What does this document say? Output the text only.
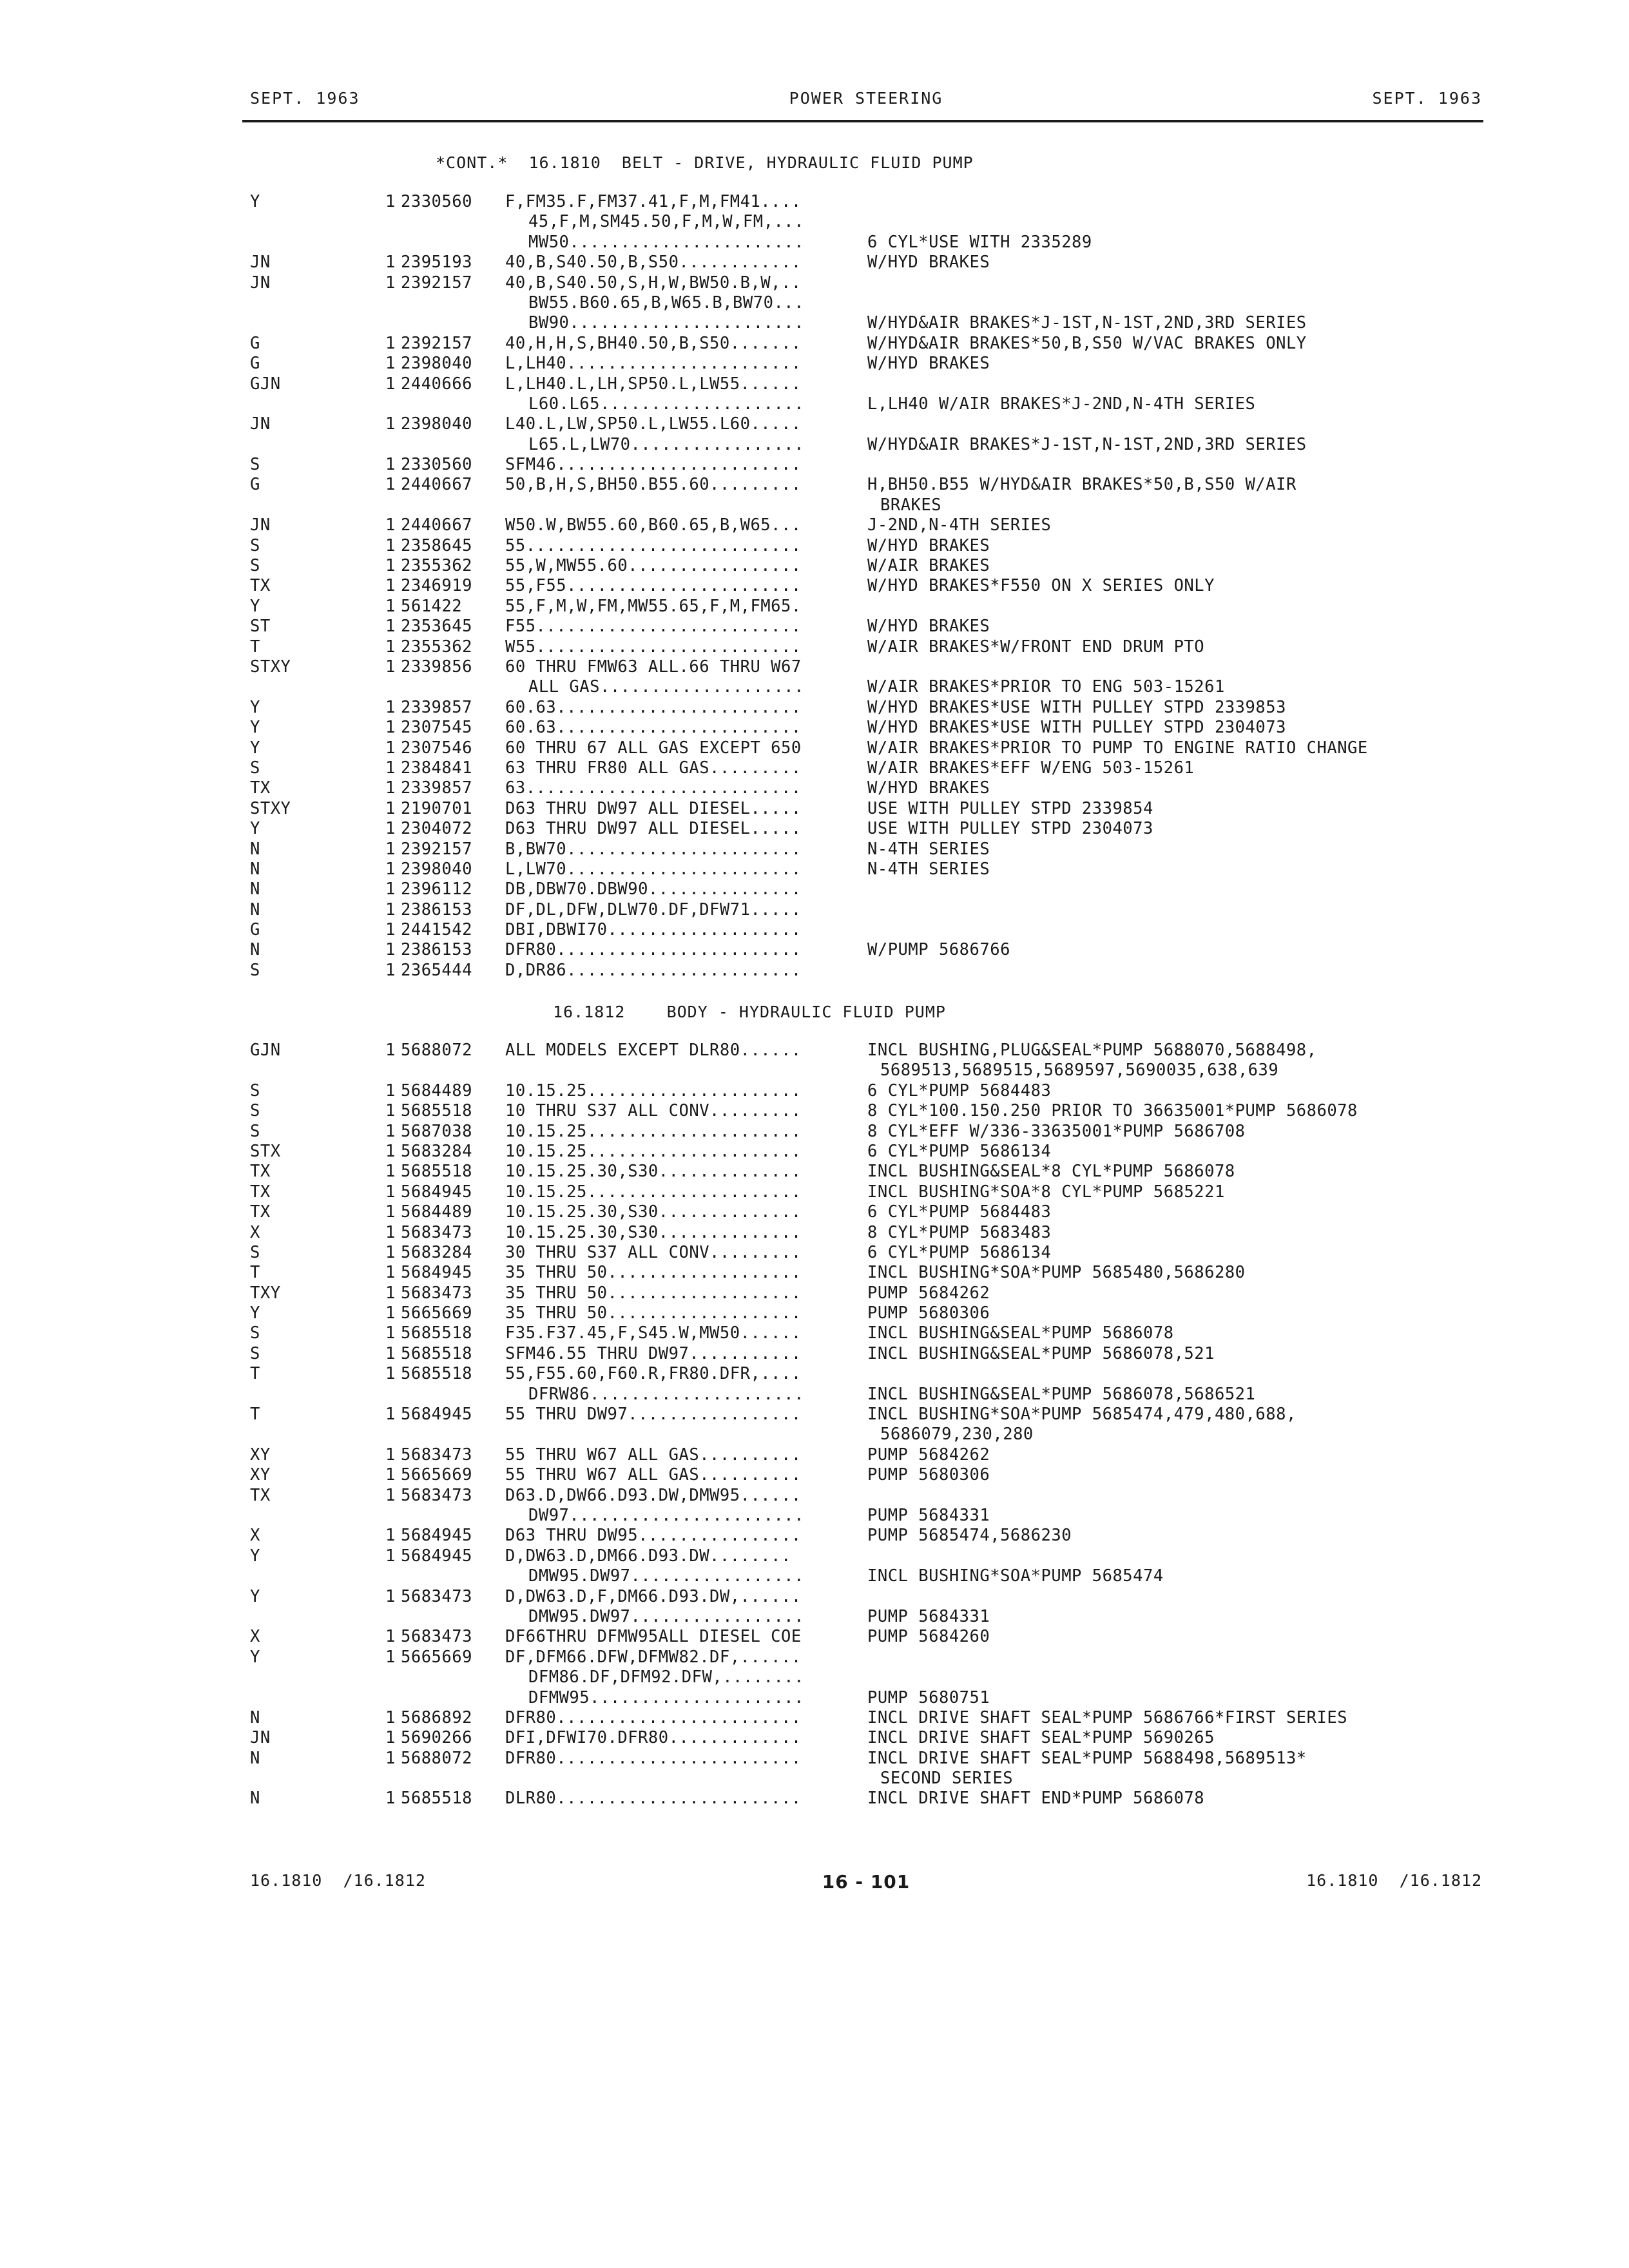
SEPT. 1963	POWER STEERING	SEPT. 1963
*CONT.*  16.1810  BELT - DRIVE, HYDRAULIC FLUID PUMP
Y	1 2330560 F,FM35.F,FM37.41,F,M,FM41....
45,F,M,SM45.50,F,M,W,FM,...
MW50.......................	6 CYL*USE WITH 2335289
JN	1 2395193 40,B,S40.50,B,S50............	W/HYD BRAKES
JN	1 2392157 40,B,S40.50,S,H,W,BW50.B,W,..
BW55.B60.65,B,W65.B,BW70...
BW90.......................	W/HYD&AIR BRAKES*J-1ST,N-1ST,2ND,3RD SERIES
G	1 2392157 40,H,H,S,BH40.50,B,S50.......	W/HYD&AIR BRAKES*50,B,S50 W/VAC BRAKES ONLY
G	1 2398040 L,LH40.......................	W/HYD BRAKES
GJN	1 2440666 L,LH40.L,LH,SP50.L,LW55......
L60.L65....................	L,LH40 W/AIR BRAKES*J-2ND,N-4TH SERIES
JN	1 2398040 L40.L,LW,SP50.L,LW55.L60.....
L65.L,LW70.................	W/HYD&AIR BRAKES*J-1ST,N-1ST,2ND,3RD SERIES
S	1 2330560 SFM46........................
G	1 2440667 50,B,H,S,BH50.B55.60.........	H,BH50.B55 W/HYD&AIR BRAKES*50,B,S50 W/AIR
BRAKES
JN	1 2440667 W50.W,BW55.60,B60.65,B,W65...	J-2ND,N-4TH SERIES
S	1 2358645 55...........................	W/HYD BRAKES
S	1 2355362 55,W,MW55.60.................	W/AIR BRAKES
TX	1 2346919 55,F55.......................	W/HYD BRAKES*F550 ON X SERIES ONLY
Y	1 561422	55,F,M,W,FM,MW55.65,F,M,FM65.
ST	1 2353645 F55..........................	W/HYD BRAKES
T	1 2355362 W55..........................	W/AIR BRAKES*W/FRONT END DRUM PTO
STXY	1 2339856 60 THRU FMW63 ALL.66 THRU W67
ALL GAS....................	W/AIR BRAKES*PRIOR TO ENG 503-15261
Y	1 2339857 60.63........................	W/HYD BRAKES*USE WITH PULLEY STPD 2339853
Y	1 2307545 60.63........................	W/HYD BRAKES*USE WITH PULLEY STPD 2304073
Y	1 2307546 60 THRU 67 ALL GAS EXCEPT 650	W/AIR BRAKES*PRIOR TO PUMP TO ENGINE RATIO CHANGE
S	1 2384841 63 THRU FR80 ALL GAS.........	W/AIR BRAKES*EFF W/ENG 503-15261
TX	1 2339857 63...........................	W/HYD BRAKES
STXY	1 2190701 D63 THRU DW97 ALL DIESEL.....	USE WITH PULLEY STPD 2339854
Y	1 2304072 D63 THRU DW97 ALL DIESEL.....	USE WITH PULLEY STPD 2304073
N	1 2392157 B,BW70.......................	N-4TH SERIES
N	1 2398040 L,LW70.......................	N-4TH SERIES
N	1 2396112 DB,DBW70.DBW90...............
N	1 2386153 DF,DL,DFW,DLW70.DF,DFW71.....
G	1 2441542 DBI,DBWI70...................
N	1 2386153 DFR80........................	W/PUMP 5686766
S	1 2365444 D,DR86.......................
16.1812    BODY - HYDRAULIC FLUID PUMP
GJN	1 5688072 ALL MODELS EXCEPT DLR80......	INCL BUSHING,PLUG&SEAL*PUMP 5688070,5688498,
5689513,5689515,5689597,5690035,638,639
S	1 5684489 10.15.25.....................	6 CYL*PUMP 5684483
S	1 5685518 10 THRU S37 ALL CONV.........	8 CYL*100.150.250 PRIOR TO 36635001*PUMP 5686078
S	1 5687038 10.15.25.....................	8 CYL*EFF W/336-33635001*PUMP 5686708
STX	1 5683284 10.15.25.....................	6 CYL*PUMP 5686134
TX	1 5685518 10.15.25.30,S30..............	INCL BUSHING&SEAL*8 CYL*PUMP 5686078
TX	1 5684945 10.15.25.....................	INCL BUSHING*SOA*8 CYL*PUMP 5685221
TX	1 5684489 10.15.25.30,S30..............	6 CYL*PUMP 5684483
X	1 5683473 10.15.25.30,S30..............	8 CYL*PUMP 5683483
S	1 5683284 30 THRU S37 ALL CONV.........	6 CYL*PUMP 5686134
T	1 5684945 35 THRU 50...................	INCL BUSHING*SOA*PUMP 5685480,5686280
TXY	1 5683473 35 THRU 50...................	PUMP 5684262
Y	1 5665669 35 THRU 50...................	PUMP 5680306
S	1 5685518 F35.F37.45,F,S45.W,MW50......	INCL BUSHING&SEAL*PUMP 5686078
S	1 5685518 SFM46.55 THRU DW97...........	INCL BUSHING&SEAL*PUMP 5686078,521
T	1 5685518 55,F55.60,F60.R,FR80.DFR,....
DFRW86.....................	INCL BUSHING&SEAL*PUMP 5686078,5686521
T	1 5684945 55 THRU DW97.................	INCL BUSHING*SOA*PUMP 5685474,479,480,688,
5686079,230,280
XY	1 5683473 55 THRU W67 ALL GAS..........	PUMP 5684262
XY	1 5665669 55 THRU W67 ALL GAS..........	PUMP 5680306
TX	1 5683473 D63.D,DW66.D93.DW,DMW95......
DW97.......................	PUMP 5684331
X	1 5684945 D63 THRU DW95................	PUMP 5685474,5686230
Y	1 5684945 D,DW63.D,DM66.D93.DW........
DMW95.DW97.................	INCL BUSHING*SOA*PUMP 5685474
Y	1 5683473 D,DW63.D,F,DM66.D93.DW,......
DMW95.DW97.................	PUMP 5684331
X	1 5683473 DF66THRU DFMW95ALL DIESEL COE	PUMP 5684260
Y	1 5665669 DF,DFM66.DFW,DFMW82.DF,......
DFM86.DF,DFM92.DFW,........
DFMW95.....................	PUMP 5680751
N	1 5686892 DFR80........................	INCL DRIVE SHAFT SEAL*PUMP 5686766*FIRST SERIES
JN	1 5690266 DFI,DFWI70.DFR80.............	INCL DRIVE SHAFT SEAL*PUMP 5690265
N	1 5688072 DFR80........................	INCL DRIVE SHAFT SEAL*PUMP 5688498,5689513*
SECOND SERIES
N	1 5685518 DLR80........................	INCL DRIVE SHAFT END*PUMP 5686078
16.1810  /16.1812	16 - 101	16.1810  /16.1812
